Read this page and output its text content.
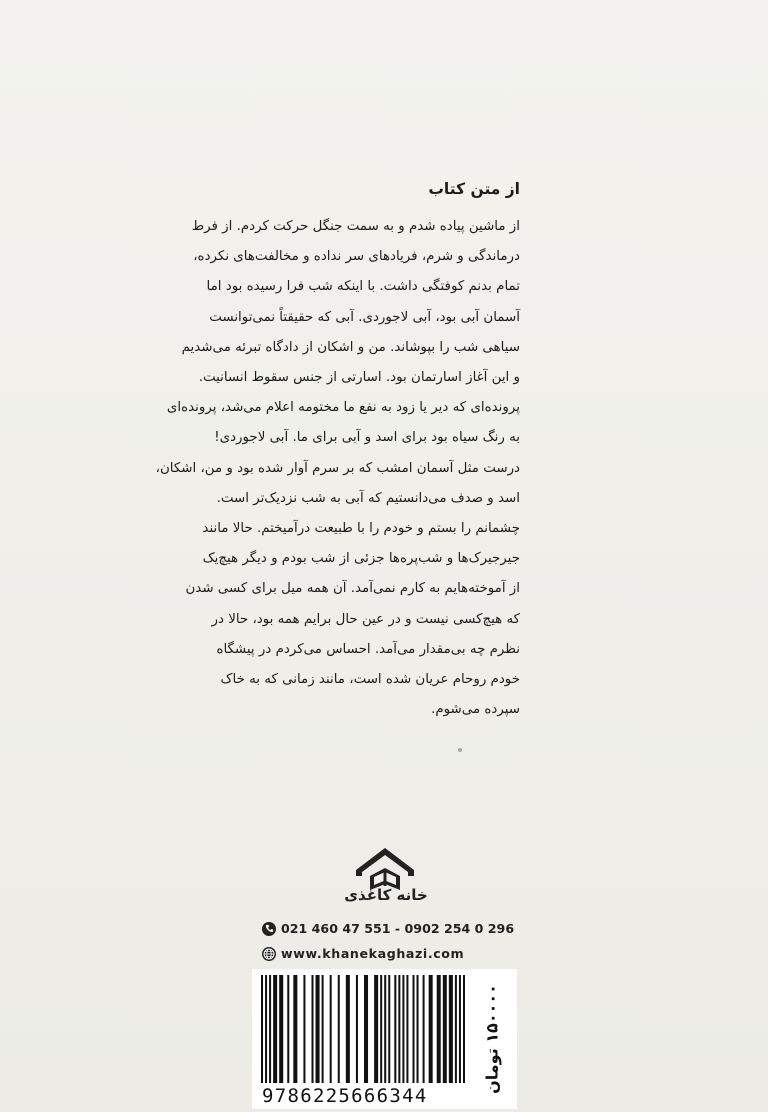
از متن کتاب
از ماشین پیاده شدم و به سمت جنگل حرکت کردم. از فرط
درماندگی و شرم، فریادهای سر نداده و مخالفت‌های نکرده،
تمام بدنم کوفتگی داشت. با اینکه شب فرا رسیده بود اما
آسمان آبی بود، آبی لاجوردی. آبی که حقیقتاً نمی‌توانست
سیاهی شب را بپوشاند. من و اشکان از دادگاه تبرئه می‌شدیم
و این آغاز اسارتمان بود. اسارتی از جنس سقوط انسانیت.
پرونده‌ای که دیر یا زود به نفع ما مختومه اعلام می‌شد، پرونده‌ای
به رنگ سیاه بود برای اسد و آبی برای ما. آبی لاجوردی!
درست مثل آسمان امشب که بر سرم آوار شده بود و من، اشکان،
اسد و صدف می‌دانستیم که آبی به شب نزدیک‌تر است.
چشمانم را بستم و خودم را با طبیعت درآمیختم. حالا مانند
جیرجیرک‌ها و شب‌پره‌ها جزئی از شب بودم و دیگر هیچ‌یک
از آموخته‌هایم به کارم نمی‌آمد. آن همه میل برای کسی شدن
که هیچ‌کسی نیست و در عین حال برایم همه بود، حالا در
نظرم چه بی‌مقدار می‌آمد. احساس می‌کردم در پیشگاه
خودم روحام عریان شده است، مانند زمانی که به خاک
سپرده می‌شوم.
خانه کاغذی
021 460 47 551 - 0902 254 0 296
www.khanekaghazi.com
9786225666344
۱۵۰۰۰۰ تومان
